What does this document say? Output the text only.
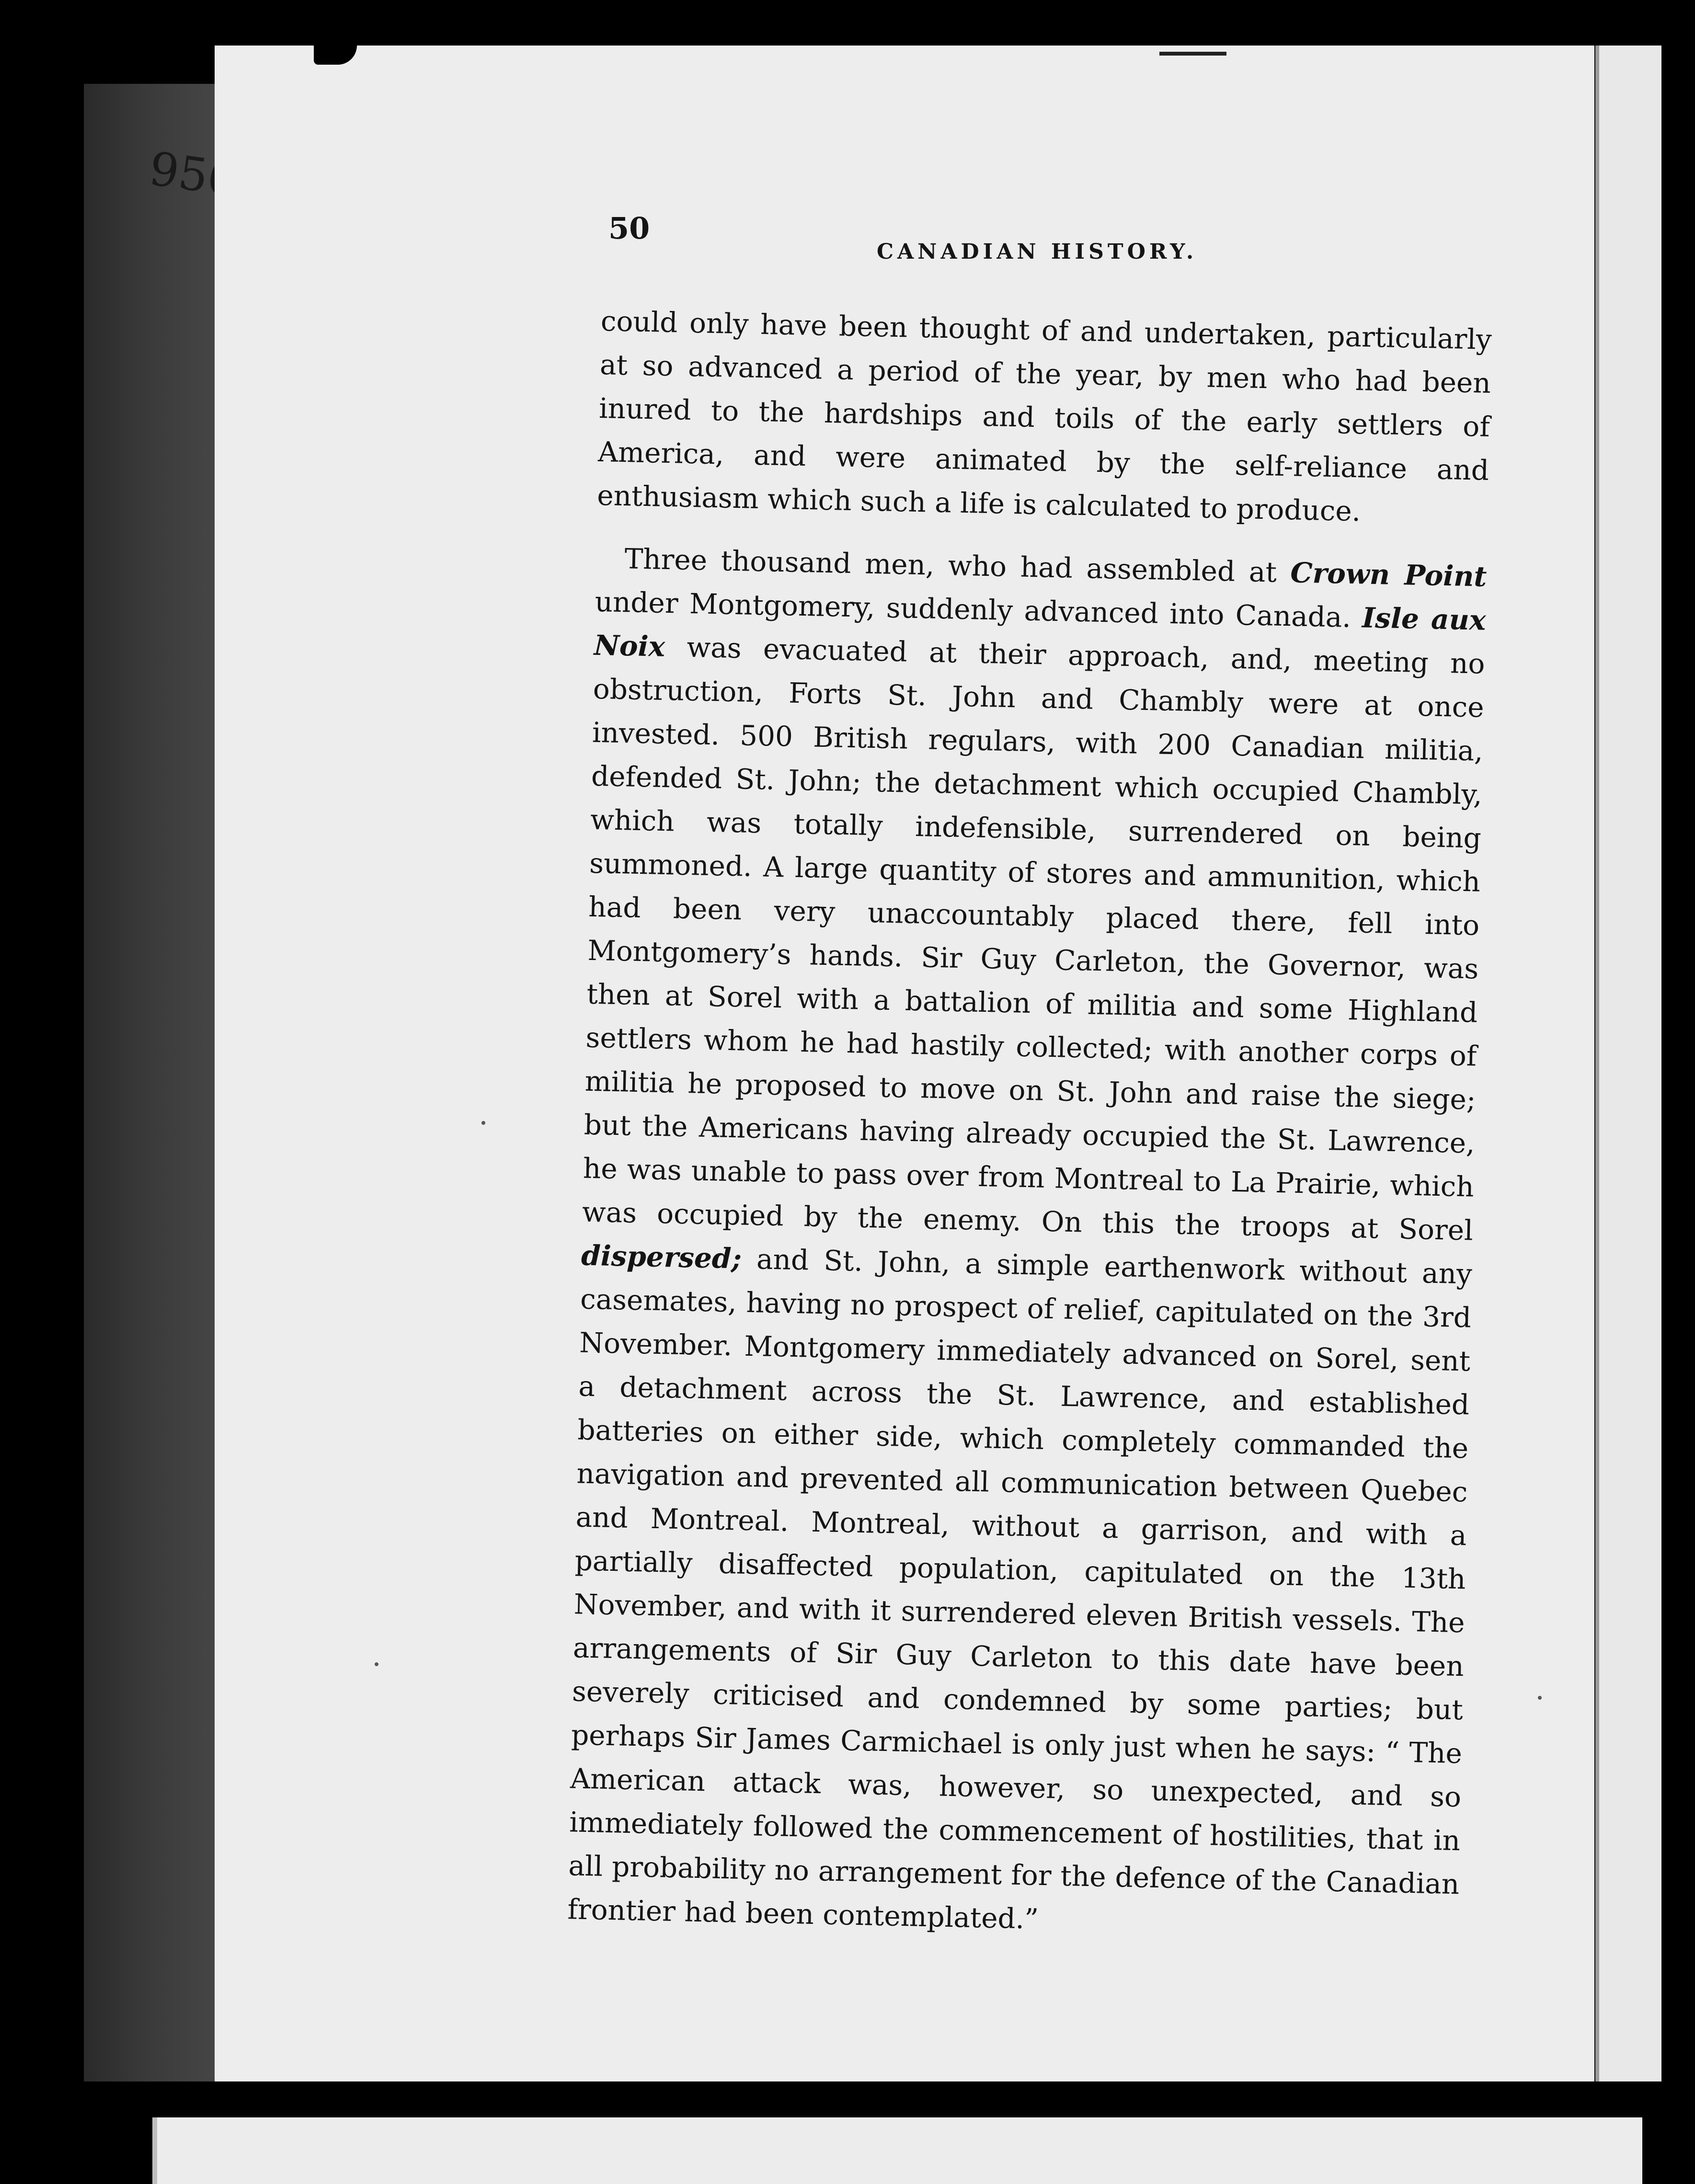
956
50
CANADIAN HISTORY.

could only have been thought of and undertaken, particularly at so advanced a period of the year, by men who had been inured to the hardships and toils of the early settlers of America, and were animated by the self-reliance and enthusiasm which such a life is calculated to produce.

Three thousand men, who had assembled at Crown Point under Montgomery, suddenly advanced into Canada. Isle aux Noix was evacuated at their approach, and, meeting no obstruction, Forts St. John and Chambly were at once invested. 500 British regulars, with 200 Canadian militia, defended St. John; the detachment which occupied Chambly, which was totally indefensible, surrendered on being summoned. A large quantity of stores and ammunition, which had been very unaccountably placed there, fell into Montgomery’s hands. Sir Guy Carleton, the Governor, was then at Sorel with a battalion of militia and some Highland settlers whom he had hastily collected; with another corps of militia he proposed to move on St. John and raise the siege; but the Americans having already occupied the St. Lawrence, he was unable to pass over from Montreal to La Prairie, which was occupied by the enemy. On this the troops at Sorel dispersed; and St. John, a simple earthenwork without any casemates, having no prospect of relief, capitulated on the 3rd November. Montgomery immediately advanced on Sorel, sent a detachment across the St. Lawrence, and established batteries on either side, which completely commanded the navigation and prevented all communication between Quebec and Montreal. Montreal, without a garrison, and with a partially disaffected population, capitulated on the 13th November, and with it surrendered eleven British vessels. The arrangements of Sir Guy Carleton to this date have been severely criticised and condemned by some parties; but perhaps Sir James Carmichael is only just when he says: “ The American attack was, however, so unexpected, and so immediately followed the commencement of hostilities, that in all probability no arrangement for the defence of the Canadian frontier had been contemplated.”
